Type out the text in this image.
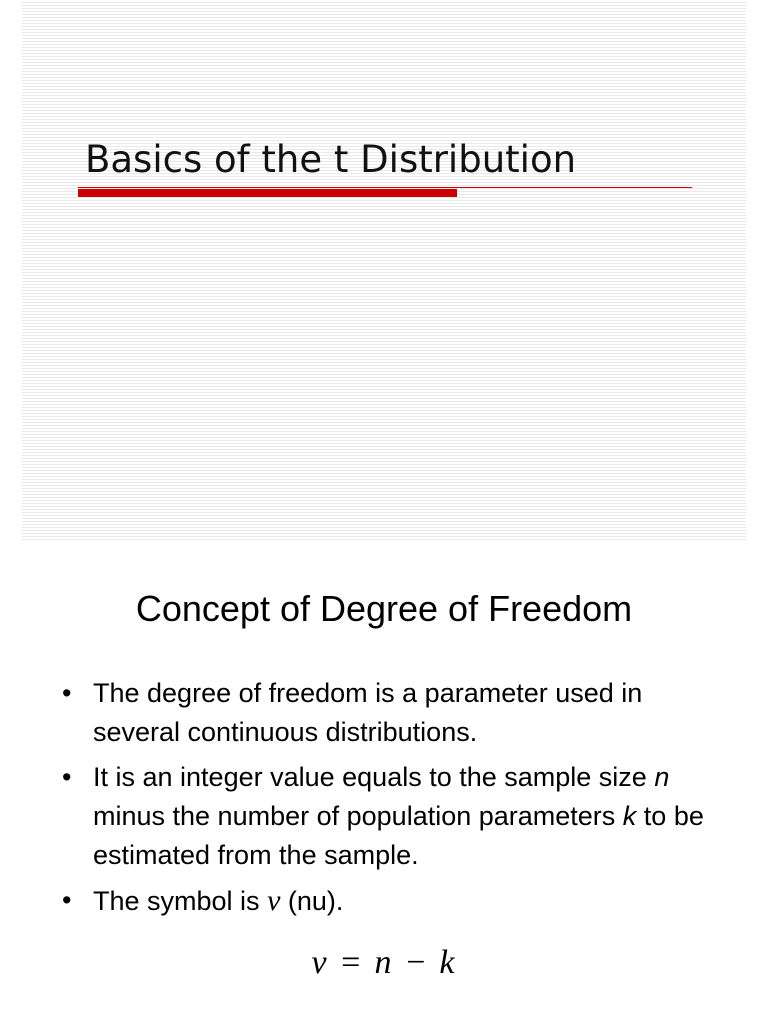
Basics of the t Distribution
Concept of Degree of Freedom
• The degree of freedom is a parameter used in several continuous distributions.
• It is an integer value equals to the sample size n minus the number of population parameters k to be estimated from the sample.
• The symbol is ν (nu).
ν = n − k
